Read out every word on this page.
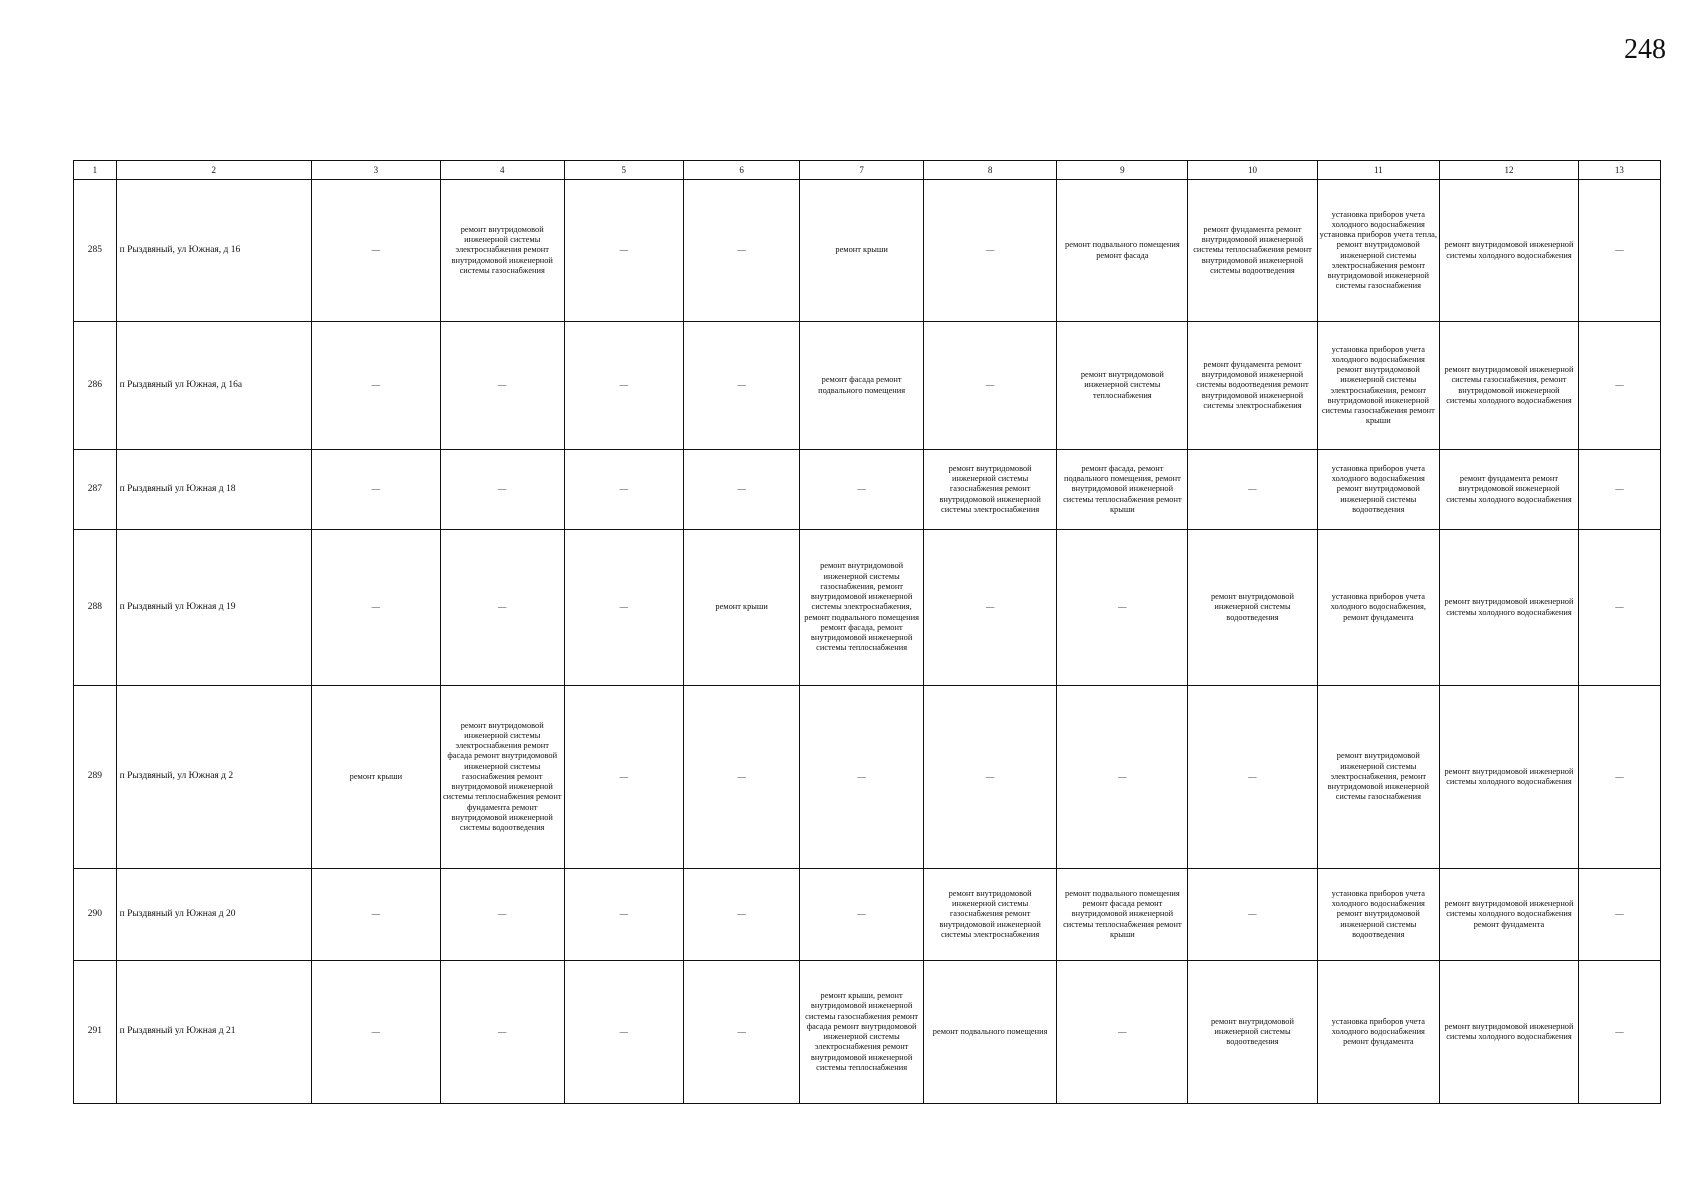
248
1	2	3	4	5	6	7	8	9	10	11	12	13
285	п Рыздвяный, ул Южная, д 16	—	ремонт внутридомовой инженерной системы электроснабжения ремонт внутридомовой инженерной системы газоснабжения	—	—	ремонт крыши	—	ремонт подвального помещения ремонт фасада	ремонт фундамента ремонт внутридомовой инженерной системы теплоснабжения ремонт внутридомовой инженерной системы водоотведения	установка приборов учета холодного водоснабжения установка приборов учета тепла, ремонт внутридомовой инженерной системы электроснабжения ремонт внутридомовой инженерной системы газоснабжения	ремонт внутридомовой инженерной системы холодного водоснабжения	—
286	п Рыздвяный ул Южная, д 16а	—	—	—	—	ремонт фасада ремонт подвального помещения	—	ремонт внутридомовой инженерной системы теплоснабжения	ремонт фундамента ремонт внутридомовой инженерной системы водоотведения ремонт внутридомовой инженерной системы электроснабжения	установка приборов учета холодного водоснабжения ремонт внутридомовой инженерной системы электроснабжения, ремонт внутридомовой инженерной системы газоснабжения ремонт крыши	ремонт внутридомовой инженерной системы газоснабжения, ремонт внутридомовой инженерной системы холодного водоснабжения	—
287	п Рыздвяный ул Южная д 18	—	—	—	—	—	ремонт внутридомовой инженерной системы газоснабжения ремонт внутридомовой инженерной системы электроснабжения	ремонт фасада, ремонт подвального помещения, ремонт внутридомовой инженерной системы теплоснабжения ремонт крыши	—	установка приборов учета холодного водоснабжения ремонт внутридомовой инженерной системы водоотведения	ремонт фундамента ремонт внутридомовой инженерной системы холодного водоснабжения	—
288	п Рыздвяный ул Южная д 19	—	—	—	ремонт крыши	ремонт внутридомовой инженерной системы газоснабжения, ремонт внутридомовой инженерной системы электроснабжения, ремонт подвального помещения ремонт фасада, ремонт внутридомовой инженерной системы теплоснабжения	—	—	ремонт внутридомовой инженерной системы водоотведения	установка приборов учета холодного водоснабжения, ремонт фундамента	ремонт внутридомовой инженерной системы холодного водоснабжения	—
289	п Рыздвяный, ул Южная д 2	ремонт крыши	ремонт внутридомовой инженерной системы электроснабжения ремонт фасада ремонт внутридомовой инженерной системы газоснабжения ремонт внутридомовой инженерной системы теплоснабжения ремонт фундамента ремонт внутридомовой инженерной системы водоотведения	—	—	—	—	—	—	ремонт внутридомовой инженерной системы электроснабжения, ремонт внутридомовой инженерной системы газоснабжения	ремонт внутридомовой инженерной системы холодного водоснабжения	—
290	п Рыздвяный ул Южная д 20	—	—	—	—	—	ремонт внутридомовой инженерной системы газоснабжения ремонт внутридомовой инженерной системы электроснабжения	ремонт подвального помещения ремонт фасада ремонт внутридомовой инженерной системы теплоснабжения ремонт крыши	—	установка приборов учета холодного водоснабжения ремонт внутридомовой инженерной системы водоотведения	ремонт внутридомовой инженерной системы холодного водоснабжения ремонт фундамента	—
291	п Рыздвяный ул Южная д 21	—	—	—	—	ремонт крыши, ремонт внутридомовой инженерной системы газоснабжения ремонт фасада ремонт внутридомовой инженерной системы электроснабжения ремонт внутридомовой инженерной системы теплоснабжения	ремонт подвального помещения	—	ремонт внутридомовой инженерной системы водоотведения	установка приборов учета холодного водоснабжения ремонт фундамента	ремонт внутридомовой инженерной системы холодного водоснабжения	—
